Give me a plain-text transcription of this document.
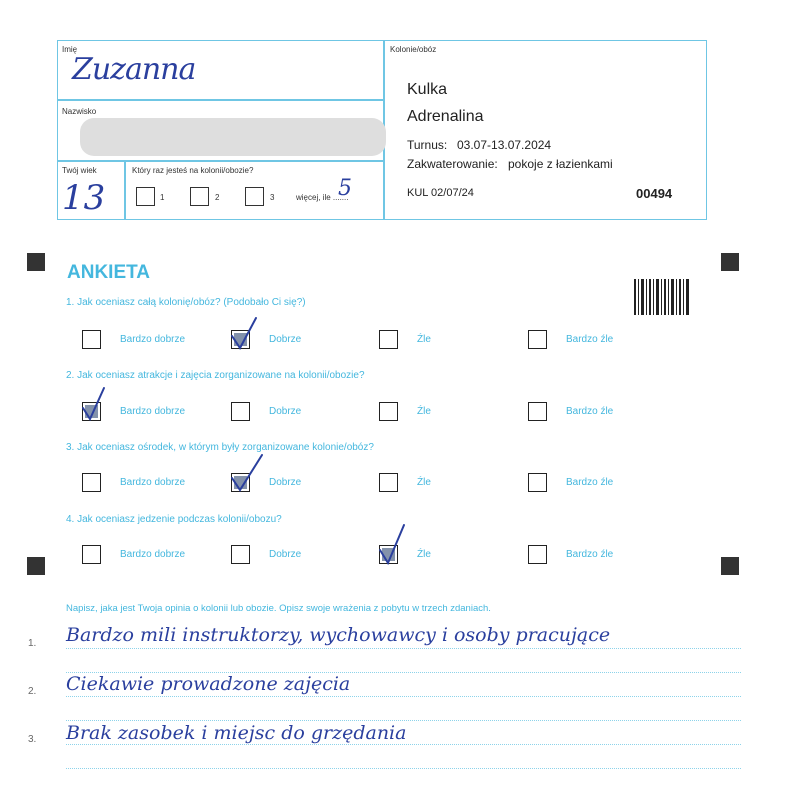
Imię
Zuzanna
Nazwisko
Twój wiek
13
Który raz jesteś na kolonii/obozie?
1	2	3	więcej, ile .......
5
Kolonie/obóz
Kulka
Adrenalina
Turnus: 03.07-13.07.2024
Zakwaterowanie: pokoje z łazienkami
KUL 02/07/24	00494
ANKIETA
1. Jak oceniasz całą kolonię/obóz? (Podobało Ci się?)
Bardzo dobrze	Dobrze	Źle	Bardzo źle
2. Jak oceniasz atrakcje i zajęcia zorganizowane na kolonii/obozie?
Bardzo dobrze	Dobrze	Źle	Bardzo źle
3. Jak oceniasz ośrodek, w którym były zorganizowane kolonie/obóz?
Bardzo dobrze	Dobrze	Źle	Bardzo źle
4. Jak oceniasz jedzenie podczas kolonii/obozu?
Bardzo dobrze	Dobrze	Źle	Bardzo źle
Napisz, jaka jest Twoja opinia o kolonii lub obozie. Opisz swoje wrażenia z pobytu w trzech zdaniach.
1.
2.
3.
Bardzo mili instruktorzy, wychowawcy i osoby pracujące
Ciekawie prowadzone zajęcia
Brak zasobek i miejsc do grzędania
